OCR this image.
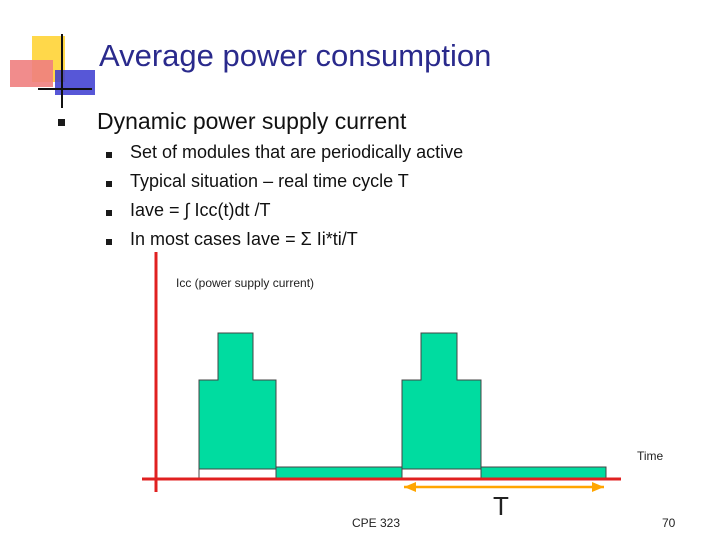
Average power consumption
Dynamic power supply current
Set of modules that are periodically active
Typical situation – real time cycle T
Iave = ∫ Icc(t)dt /T
In most cases Iave = Σ Ii*ti/T
Icc (power supply current)
Time
T
CPE 323	70
